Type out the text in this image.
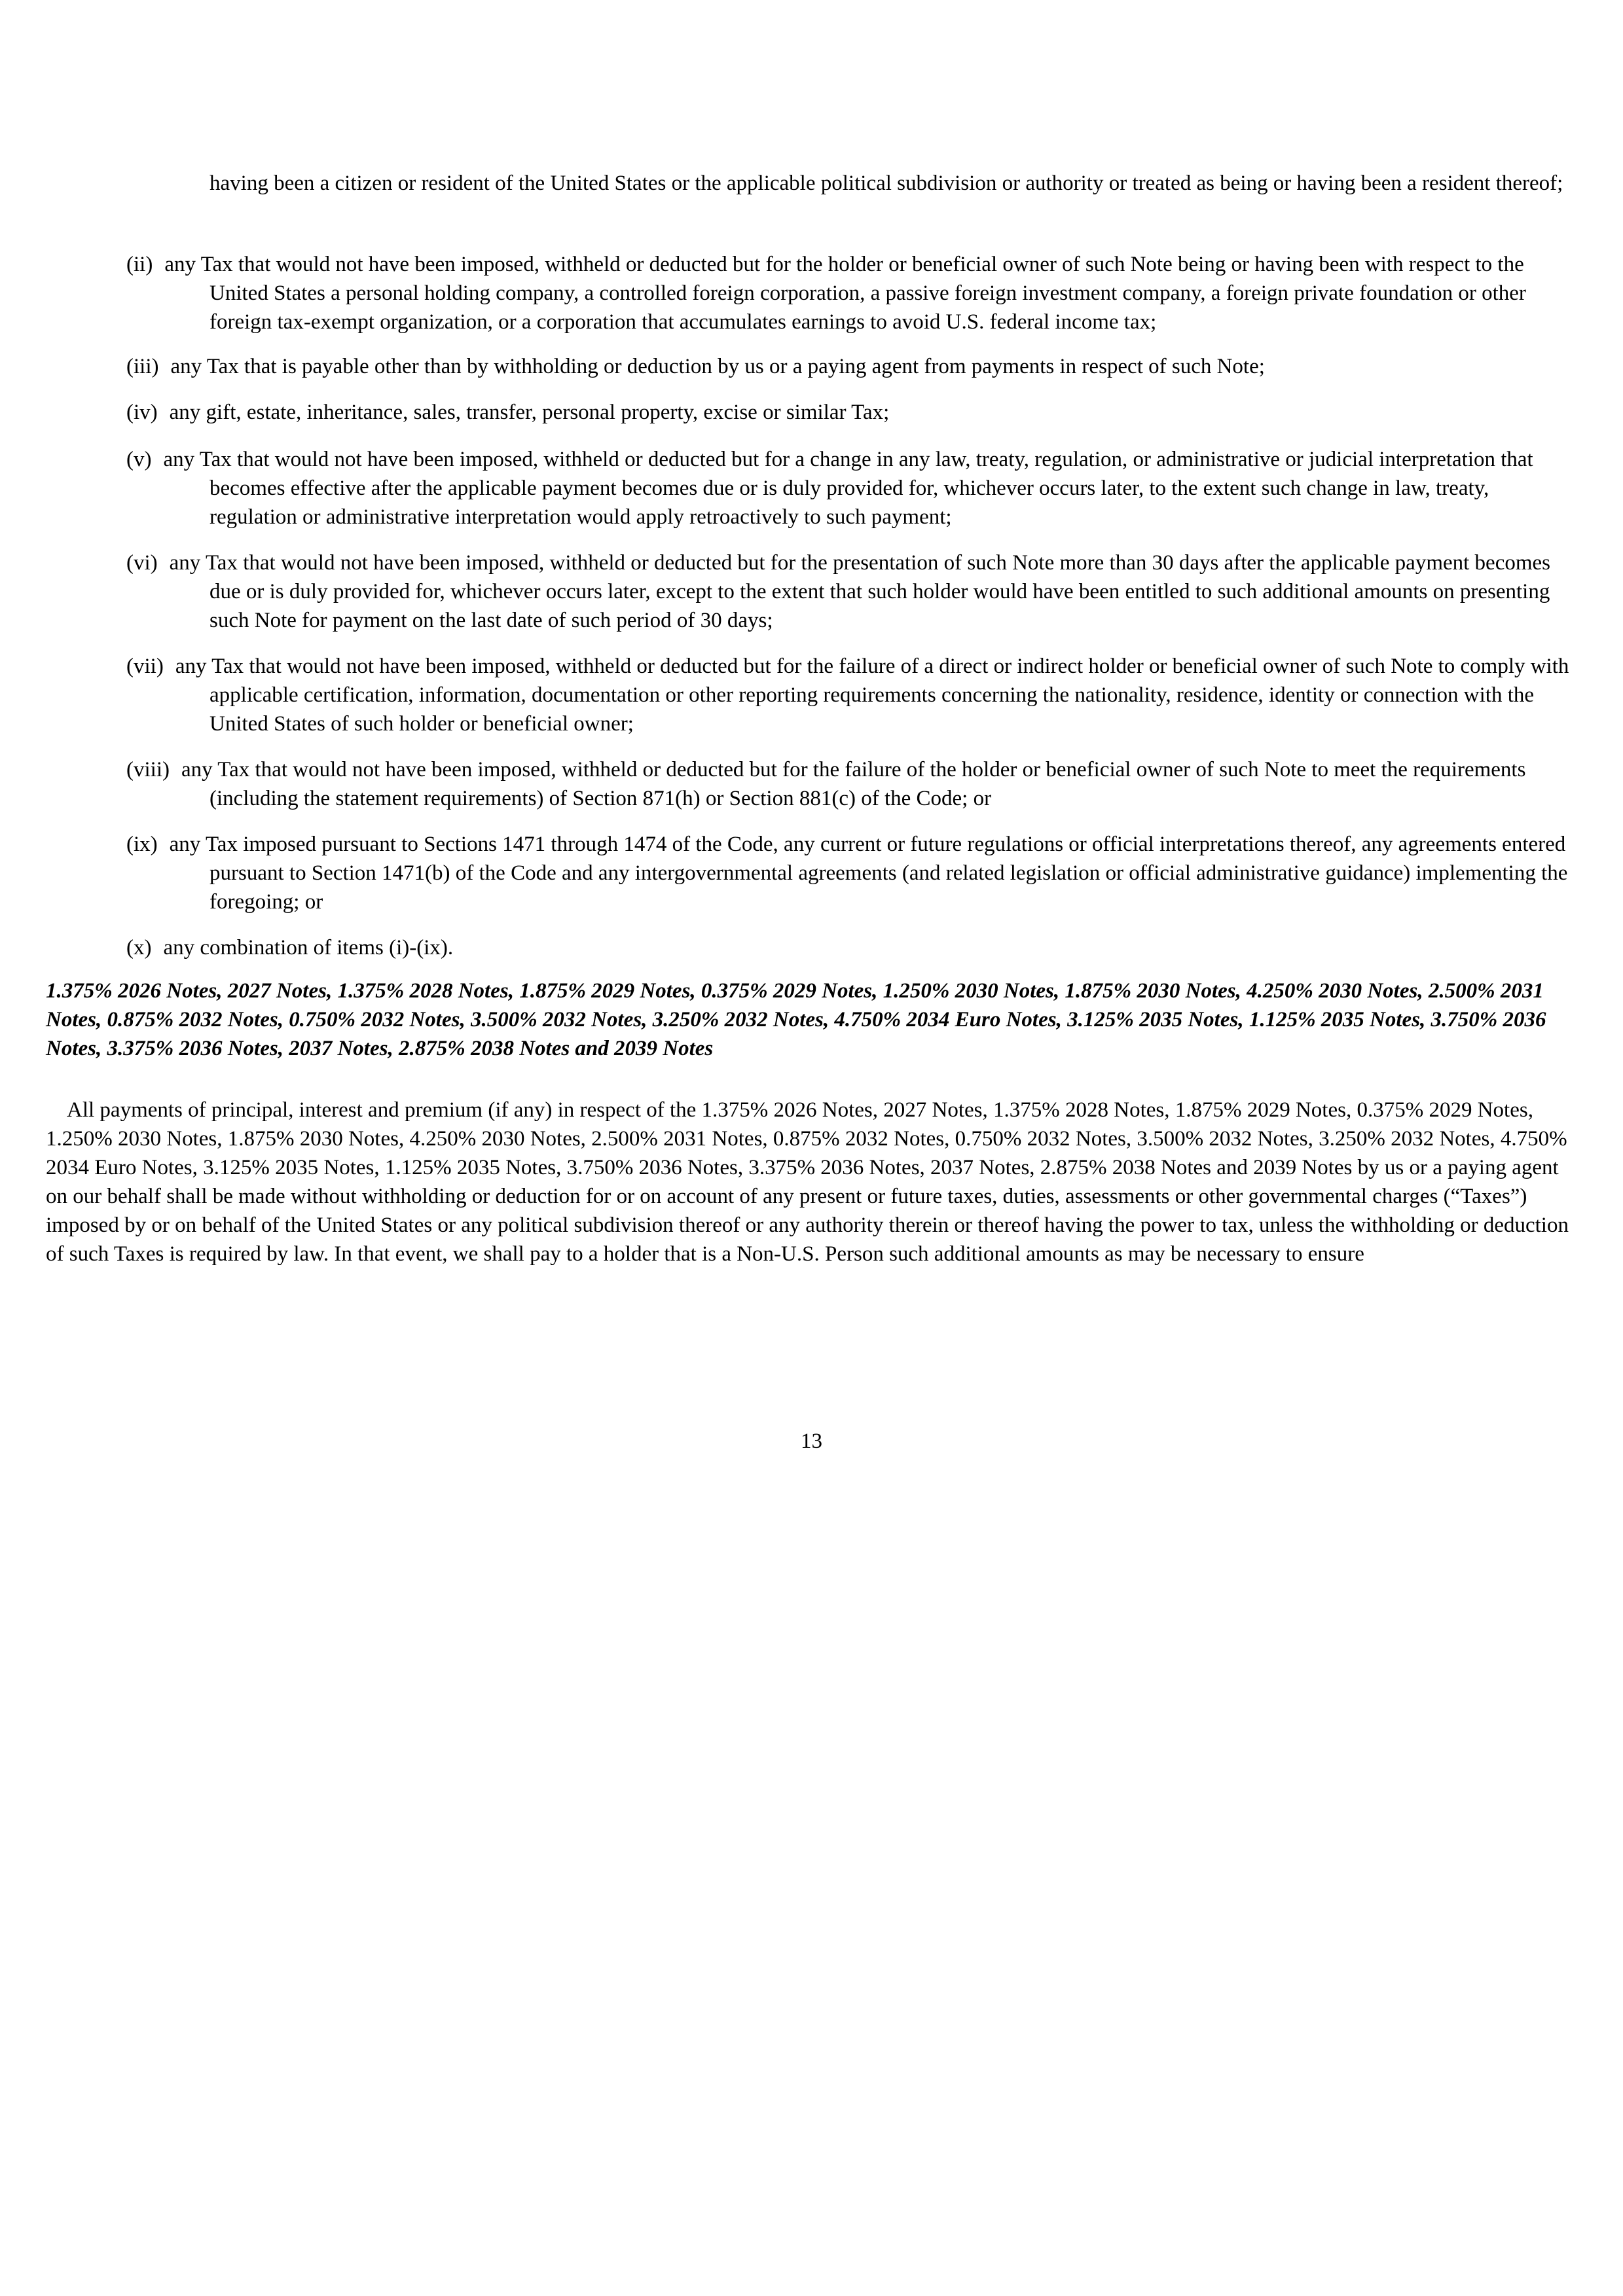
having been a citizen or resident of the United States or the applicable political subdivision or authority or treated as being or having been a resident thereof;
(ii) any Tax that would not have been imposed, withheld or deducted but for the holder or beneficial owner of such Note being or having been with respect to the United States a personal holding company, a controlled foreign corporation, a passive foreign investment company, a foreign private foundation or other foreign tax-exempt organization, or a corporation that accumulates earnings to avoid U.S. federal income tax;
(iii) any Tax that is payable other than by withholding or deduction by us or a paying agent from payments in respect of such Note;
(iv) any gift, estate, inheritance, sales, transfer, personal property, excise or similar Tax;
(v) any Tax that would not have been imposed, withheld or deducted but for a change in any law, treaty, regulation, or administrative or judicial interpretation that becomes effective after the applicable payment becomes due or is duly provided for, whichever occurs later, to the extent such change in law, treaty, regulation or administrative interpretation would apply retroactively to such payment;
(vi) any Tax that would not have been imposed, withheld or deducted but for the presentation of such Note more than 30 days after the applicable payment becomes due or is duly provided for, whichever occurs later, except to the extent that such holder would have been entitled to such additional amounts on presenting such Note for payment on the last date of such period of 30 days;
(vii) any Tax that would not have been imposed, withheld or deducted but for the failure of a direct or indirect holder or beneficial owner of such Note to comply with applicable certification, information, documentation or other reporting requirements concerning the nationality, residence, identity or connection with the United States of such holder or beneficial owner;
(viii) any Tax that would not have been imposed, withheld or deducted but for the failure of the holder or beneficial owner of such Note to meet the requirements (including the statement requirements) of Section 871(h) or Section 881(c) of the Code; or
(ix) any Tax imposed pursuant to Sections 1471 through 1474 of the Code, any current or future regulations or official interpretations thereof, any agreements entered pursuant to Section 1471(b) of the Code and any intergovernmental agreements (and related legislation or official administrative guidance) implementing the foregoing; or
(x) any combination of items (i)-(ix).
1.375% 2026 Notes, 2027 Notes, 1.375% 2028 Notes, 1.875% 2029 Notes, 0.375% 2029 Notes, 1.250% 2030 Notes, 1.875% 2030 Notes, 4.250% 2030 Notes, 2.500% 2031 Notes, 0.875% 2032 Notes, 0.750% 2032 Notes, 3.500% 2032 Notes, 3.250% 2032 Notes, 4.750% 2034 Euro Notes, 3.125% 2035 Notes, 1.125% 2035 Notes, 3.750% 2036 Notes, 3.375% 2036 Notes, 2037 Notes, 2.875% 2038 Notes and 2039 Notes
All payments of principal, interest and premium (if any) in respect of the 1.375% 2026 Notes, 2027 Notes, 1.375% 2028 Notes, 1.875% 2029 Notes, 0.375% 2029 Notes, 1.250% 2030 Notes, 1.875% 2030 Notes, 4.250% 2030 Notes, 2.500% 2031 Notes, 0.875% 2032 Notes, 0.750% 2032 Notes, 3.500% 2032 Notes, 3.250% 2032 Notes, 4.750% 2034 Euro Notes, 3.125% 2035 Notes, 1.125% 2035 Notes, 3.750% 2036 Notes, 3.375% 2036 Notes, 2037 Notes, 2.875% 2038 Notes and 2039 Notes by us or a paying agent on our behalf shall be made without withholding or deduction for or on account of any present or future taxes, duties, assessments or other governmental charges (“Taxes”) imposed by or on behalf of the United States or any political subdivision thereof or any authority therein or thereof having the power to tax, unless the withholding or deduction of such Taxes is required by law. In that event, we shall pay to a holder that is a Non-U.S. Person such additional amounts as may be necessary to ensure
13
